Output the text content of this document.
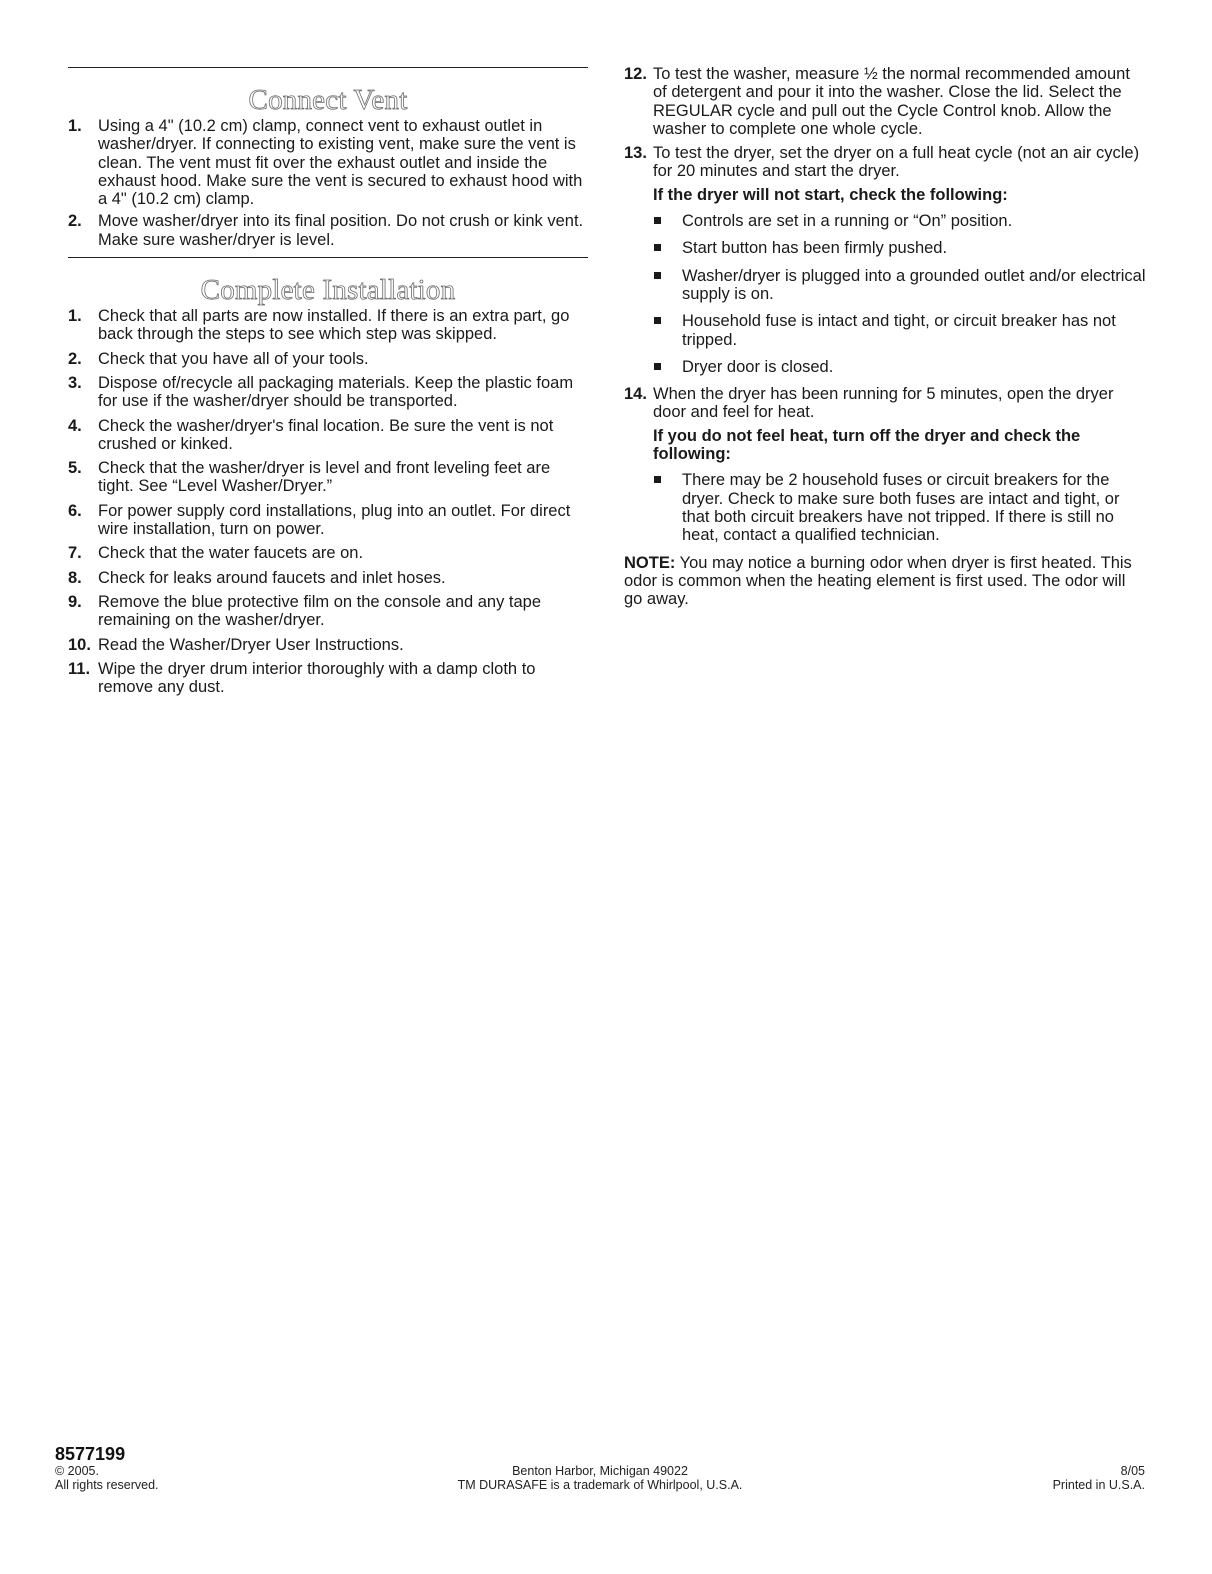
Connect Vent
1. Using a 4" (10.2 cm) clamp, connect vent to exhaust outlet in washer/dryer. If connecting to existing vent, make sure the vent is clean. The vent must fit over the exhaust outlet and inside the exhaust hood. Make sure the vent is secured to exhaust hood with a 4" (10.2 cm) clamp.
2. Move washer/dryer into its final position. Do not crush or kink vent. Make sure washer/dryer is level.
Complete Installation
1. Check that all parts are now installed. If there is an extra part, go back through the steps to see which step was skipped.
2. Check that you have all of your tools.
3. Dispose of/recycle all packaging materials. Keep the plastic foam for use if the washer/dryer should be transported.
4. Check the washer/dryer's final location. Be sure the vent is not crushed or kinked.
5. Check that the washer/dryer is level and front leveling feet are tight. See “Level Washer/Dryer.”
6. For power supply cord installations, plug into an outlet. For direct wire installation, turn on power.
7. Check that the water faucets are on.
8. Check for leaks around faucets and inlet hoses.
9. Remove the blue protective film on the console and any tape remaining on the washer/dryer.
10. Read the Washer/Dryer User Instructions.
11. Wipe the dryer drum interior thoroughly with a damp cloth to remove any dust.
12. To test the washer, measure ½ the normal recommended amount of detergent and pour it into the washer. Close the lid. Select the REGULAR cycle and pull out the Cycle Control knob. Allow the washer to complete one whole cycle.
13. To test the dryer, set the dryer on a full heat cycle (not an air cycle) for 20 minutes and start the dryer.
If the dryer will not start, check the following:
Controls are set in a running or “On” position.
Start button has been firmly pushed.
Washer/dryer is plugged into a grounded outlet and/or electrical supply is on.
Household fuse is intact and tight, or circuit breaker has not tripped.
Dryer door is closed.
14. When the dryer has been running for 5 minutes, open the dryer door and feel for heat.
If you do not feel heat, turn off the dryer and check the following:
There may be 2 household fuses or circuit breakers for the dryer. Check to make sure both fuses are intact and tight, or that both circuit breakers have not tripped. If there is still no heat, contact a qualified technician.
NOTE: You may notice a burning odor when dryer is first heated. This odor is common when the heating element is first used. The odor will go away.
8577199
© 2005.
All rights reserved.
Benton Harbor, Michigan 49022
TM DURASAFE is a trademark of Whirlpool, U.S.A.
8/05
Printed in U.S.A.
